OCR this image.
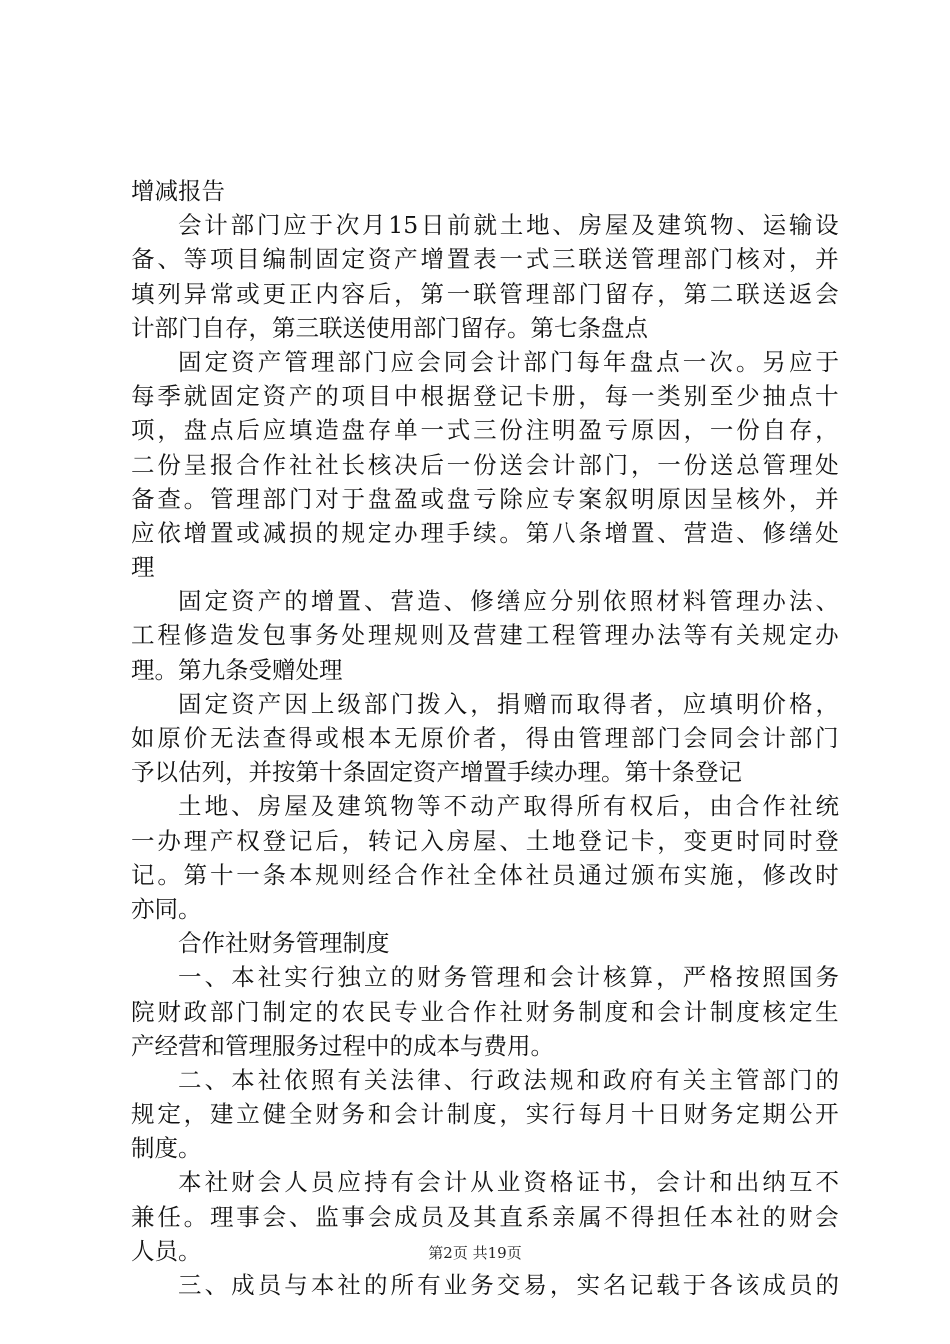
增减报告
会 计 部 门 应 于 次 月 15 日 前 就 土 地 、 房 屋 及 建 筑 物 、 运 输 设
备 、 等 项 目 编 制 固 定 资 产 增 置 表 一 式 三 联 送 管 理 部 门 核 对 ， 并
填 列 异 常 或 更 正 内 容 后 ， 第 一 联 管 理 部 门 留 存 ， 第 二 联 送 返 会
计部门自存，第三联送使用部门留存。第七条盘点
固 定 资 产 管 理 部 门 应 会 同 会 计 部 门 每 年 盘 点 一 次 。 另 应 于
每 季 就 固 定 资 产 的 项 目 中 根 据 登 记 卡 册 ， 每 一 类 别 至 少 抽 点 十
项 ， 盘 点 后 应 填 造 盘 存 单 一 式 三 份 注 明 盈 亏 原 因 ， 一 份 自 存 ，
二 份 呈 报 合 作 社 社 长 核 决 后 一 份 送 会 计 部 门 ， 一 份 送 总 管 理 处
备 查 。 管 理 部 门 对 于 盘 盈 或 盘 亏 除 应 专 案 叙 明 原 因 呈 核 外 ， 并
应 依 增 置 或 减 损 的 规 定 办 理 手 续 。 第 八 条 增 置 、 营 造 、 修 缮 处
理
固 定 资 产 的 增 置 、 营 造 、 修 缮 应 分 别 依 照 材 料 管 理 办 法 、
工 程 修 造 发 包 事 务 处 理 规 则 及 营 建 工 程 管 理 办 法 等 有 关 规 定 办
理。第九条受赠处理
固 定 资 产 因 上 级 部 门 拨 入 ， 捐 赠 而 取 得 者 ， 应 填 明 价 格 ，
如 原 价 无 法 查 得 或 根 本 无 原 价 者 ， 得 由 管 理 部 门 会 同 会 计 部 门
予以估列，并按第十条固定资产增置手续办理。第十条登记
土 地 、 房 屋 及 建 筑 物 等 不 动 产 取 得 所 有 权 后 ， 由 合 作 社 统
一 办 理 产 权 登 记 后 ， 转 记 入 房 屋 、 土 地 登 记 卡 ， 变 更 时 同 时 登
记 。 第 十 一 条 本 规 则 经 合 作 社 全 体 社 员 通 过 颁 布 实 施 ， 修 改 时
亦同。
合作社财务管理制度
一 、 本 社 实 行 独 立 的 财 务 管 理 和 会 计 核 算 ， 严 格 按 照 国 务
院 财 政 部 门 制 定 的 农 民 专 业 合 作 社 财 务 制 度 和 会 计 制 度 核 定 生
产经营和管理服务过程中的成本与费用。
二 、 本 社 依 照 有 关 法 律 、 行 政 法 规 和 政 府 有 关 主 管 部 门 的
规 定 ， 建 立 健 全 财 务 和 会 计 制 度 ， 实 行 每 月 十 日 财 务 定 期 公 开
制度。
本 社 财 会 人 员 应 持 有 会 计 从 业 资 格 证 书 ， 会 计 和 出 纳 互 不
兼 任 。 理 事 会 、 监 事 会 成 员 及 其 直 系 亲 属 不 得 担 任 本 社 的 财 会
人员。
三 、 成 员 与 本 社 的 所 有 业 务 交 易 ， 实 名 记 载 于 各 该 成 员 的
第2页 共19页
